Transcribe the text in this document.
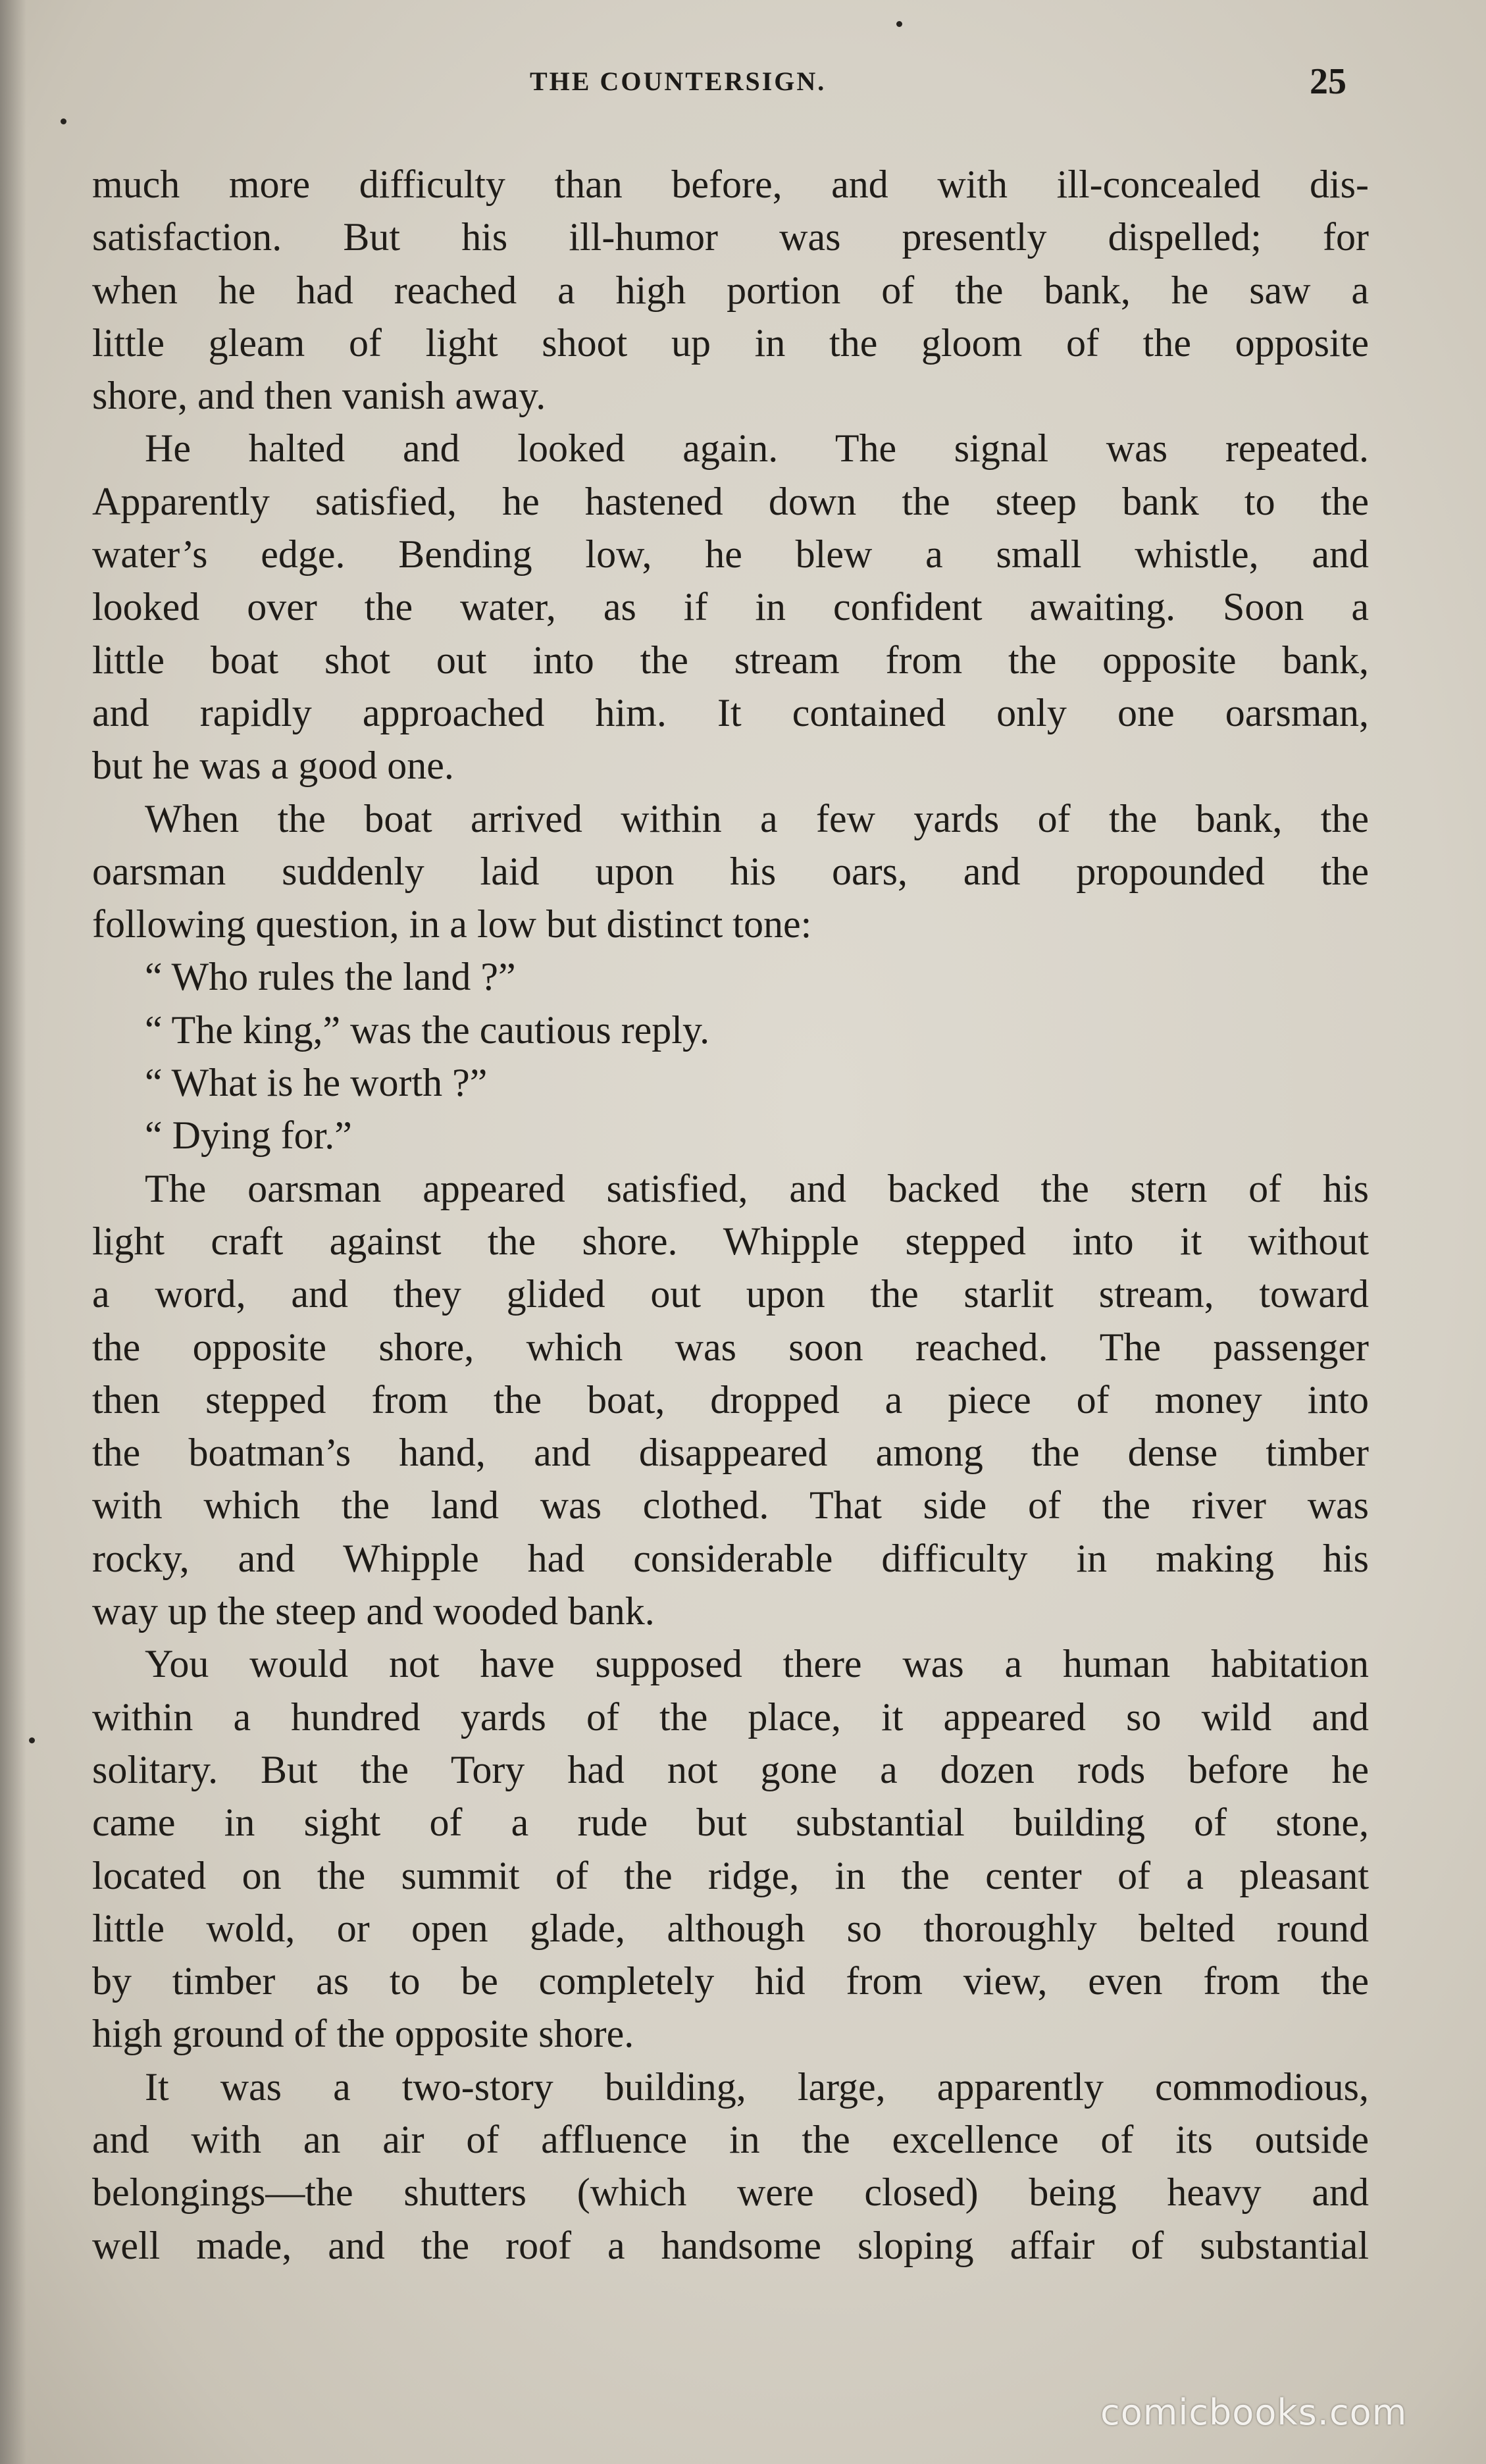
THE COUNTERSIGN.	25
much more difficulty than before, and with ill-concealed dis-
satisfaction. But his ill-humor was presently dispelled; for
when he had reached a high portion of the bank, he saw a
little gleam of light shoot up in the gloom of the opposite
shore, and then vanish away.
He halted and looked again. The signal was repeated.
Apparently satisfied, he hastened down the steep bank to the
water’s edge. Bending low, he blew a small whistle, and
looked over the water, as if in confident awaiting. Soon a
little boat shot out into the stream from the opposite bank,
and rapidly approached him. It contained only one oarsman,
but he was a good one.
When the boat arrived within a few yards of the bank, the
oarsman suddenly laid upon his oars, and propounded the
following question, in a low but distinct tone:
“ Who rules the land ?”
“ The king,” was the cautious reply.
“ What is he worth ?”
“ Dying for.”
The oarsman appeared satisfied, and backed the stern of his
light craft against the shore. Whipple stepped into it without
a word, and they glided out upon the starlit stream, toward
the opposite shore, which was soon reached. The passenger
then stepped from the boat, dropped a piece of money into
the boatman’s hand, and disappeared among the dense timber
with which the land was clothed. That side of the river was
rocky, and Whipple had considerable difficulty in making his
way up the steep and wooded bank.
You would not have supposed there was a human habitation
within a hundred yards of the place, it appeared so wild and
solitary. But the Tory had not gone a dozen rods before he
came in sight of a rude but substantial building of stone,
located on the summit of the ridge, in the center of a pleasant
little wold, or open glade, although so thoroughly belted round
by timber as to be completely hid from view, even from the
high ground of the opposite shore.
It was a two-story building, large, apparently commodious,
and with an air of affluence in the excellence of its outside
belongings—the shutters (which were closed) being heavy and
well made, and the roof a handsome sloping affair of substantial
comicbooks.com
